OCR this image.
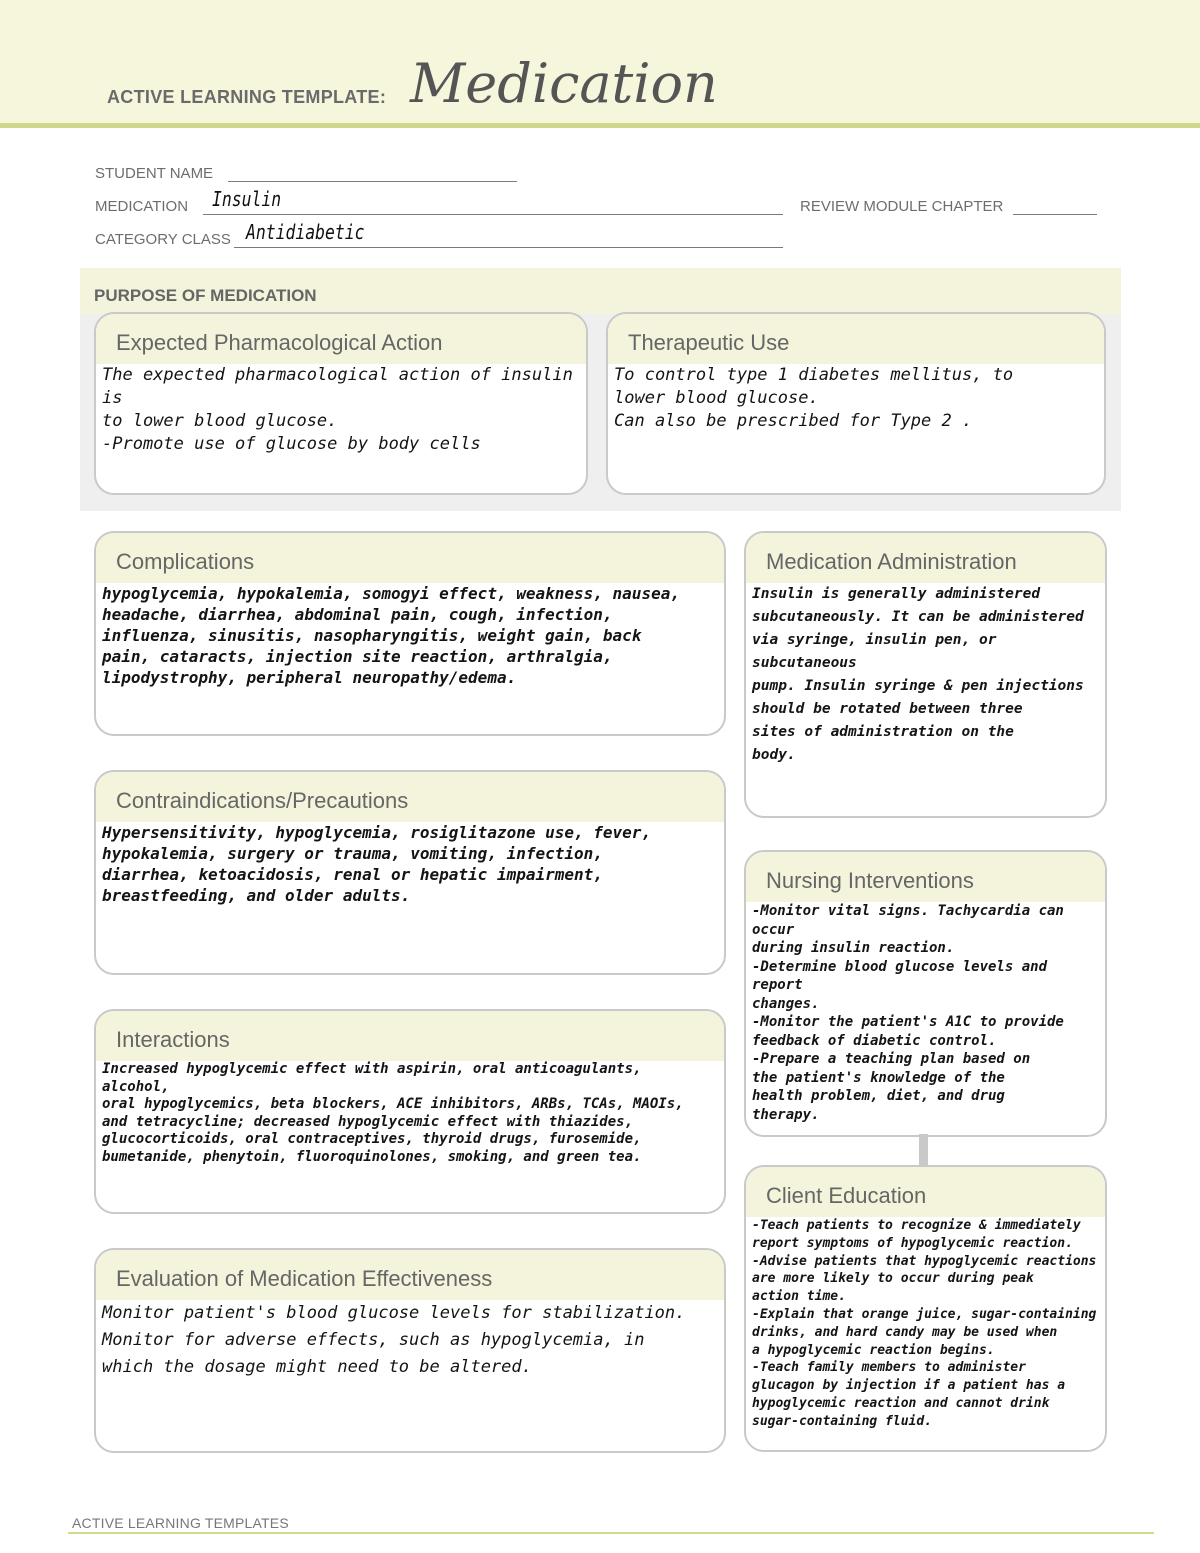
ACTIVE LEARNING TEMPLATE: Medication
STUDENT NAME
MEDICATION Insulin	REVIEW MODULE CHAPTER
CATEGORY CLASS Antidiabetic
PURPOSE OF MEDICATION
Expected Pharmacological Action
The expected pharmacological action of insulin is
to lower blood glucose.
-Promote use of glucose by body cells
Therapeutic Use
To control type 1 diabetes mellitus, to
lower blood glucose.
Can also be prescribed for Type 2 .
Complications
hypoglycemia, hypokalemia, somogyi effect, weakness, nausea,
headache, diarrhea, abdominal pain, cough, infection,
influenza, sinusitis, nasopharyngitis, weight gain, back
pain, cataracts, injection site reaction, arthralgia,
lipodystrophy, peripheral neuropathy/edema.
Contraindications/Precautions
Hypersensitivity, hypoglycemia, rosiglitazone use, fever,
hypokalemia, surgery or trauma, vomiting, infection,
diarrhea, ketoacidosis, renal or hepatic impairment,
breastfeeding, and older adults.
Interactions
Increased hypoglycemic effect with aspirin, oral anticoagulants, alcohol,
oral hypoglycemics, beta blockers, ACE inhibitors, ARBs, TCAs, MAOIs,
and tetracycline; decreased hypoglycemic effect with thiazides,
glucocorticoids, oral contraceptives, thyroid drugs, furosemide,
bumetanide, phenytoin, fluoroquinolones, smoking, and green tea.
Evaluation of Medication Effectiveness
Monitor patient's blood glucose levels for stabilization.
Monitor for adverse effects, such as hypoglycemia, in
which the dosage might need to be altered.
Medication Administration
Insulin is generally administered
subcutaneously. It can be administered
via syringe, insulin pen, or subcutaneous
pump. Insulin syringe & pen injections
should be rotated between three
sites of administration on the
body.
Nursing Interventions
-Monitor vital signs. Tachycardia can occur
during insulin reaction.
-Determine blood glucose levels and report
changes.
-Monitor the patient's A1C to provide
feedback of diabetic control.
-Prepare a teaching plan based on
the patient's knowledge of the
health problem, diet, and drug
therapy.
Client Education
-Teach patients to recognize & immediately
report symptoms of hypoglycemic reaction.
-Advise patients that hypoglycemic reactions
are more likely to occur during peak
action time.
-Explain that orange juice, sugar-containing
drinks, and hard candy may be used when
a hypoglycemic reaction begins.
-Teach family members to administer
glucagon by injection if a patient has a
hypoglycemic reaction and cannot drink
sugar-containing fluid.
ACTIVE LEARNING TEMPLATES
